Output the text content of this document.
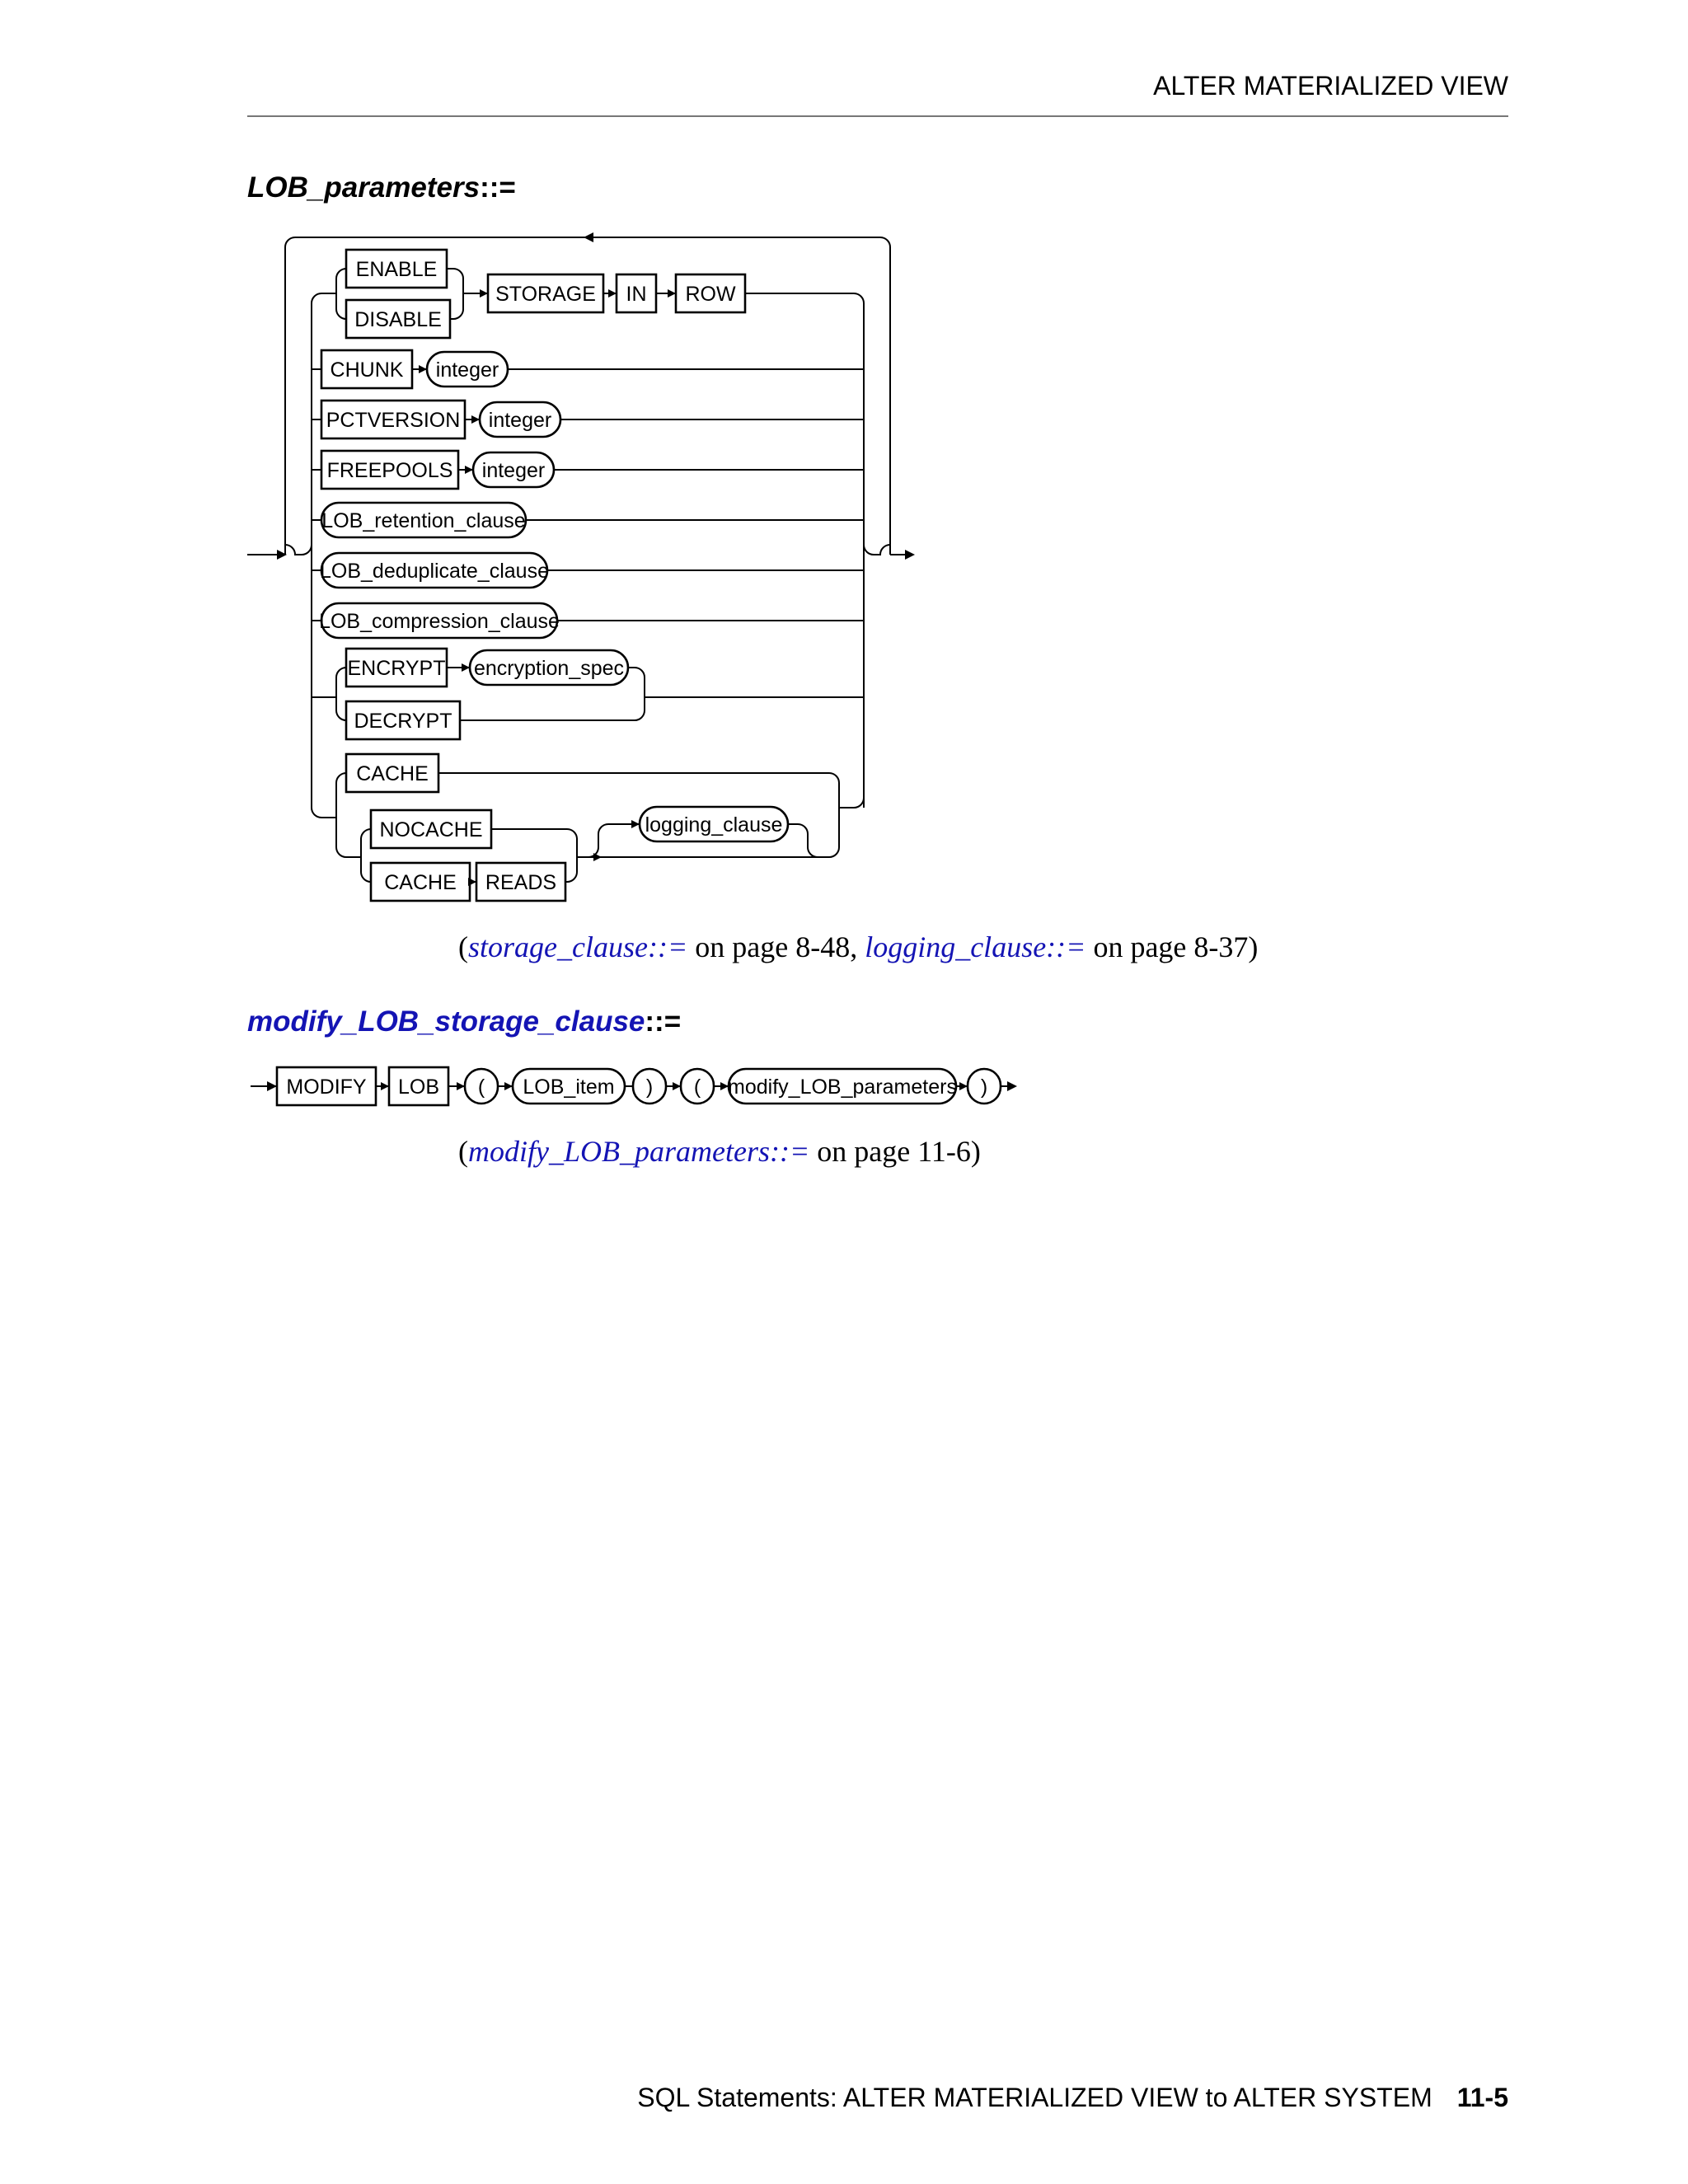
ALTER MATERIALIZED VIEW
LOB_parameters::=
ENABLE
DISABLE
STORAGE IN ROW
CHUNK integer
PCTVERSION integer
FREEPOOLS integer
LOB_retention_clause
LOB_deduplicate_clause
LOB_compression_clause
ENCRYPT encryption_spec
DECRYPT
CACHE
NOCACHE
CACHE READS
logging_clause
(storage_clause::= on page 8-48, logging_clause::= on page 8-37)
modify_LOB_storage_clause::=
MODIFY LOB ( LOB_item ) ( modify_LOB_parameters )
(modify_LOB_parameters::= on page 11-6)
SQL Statements: ALTER MATERIALIZED VIEW to ALTER SYSTEM 11-5
